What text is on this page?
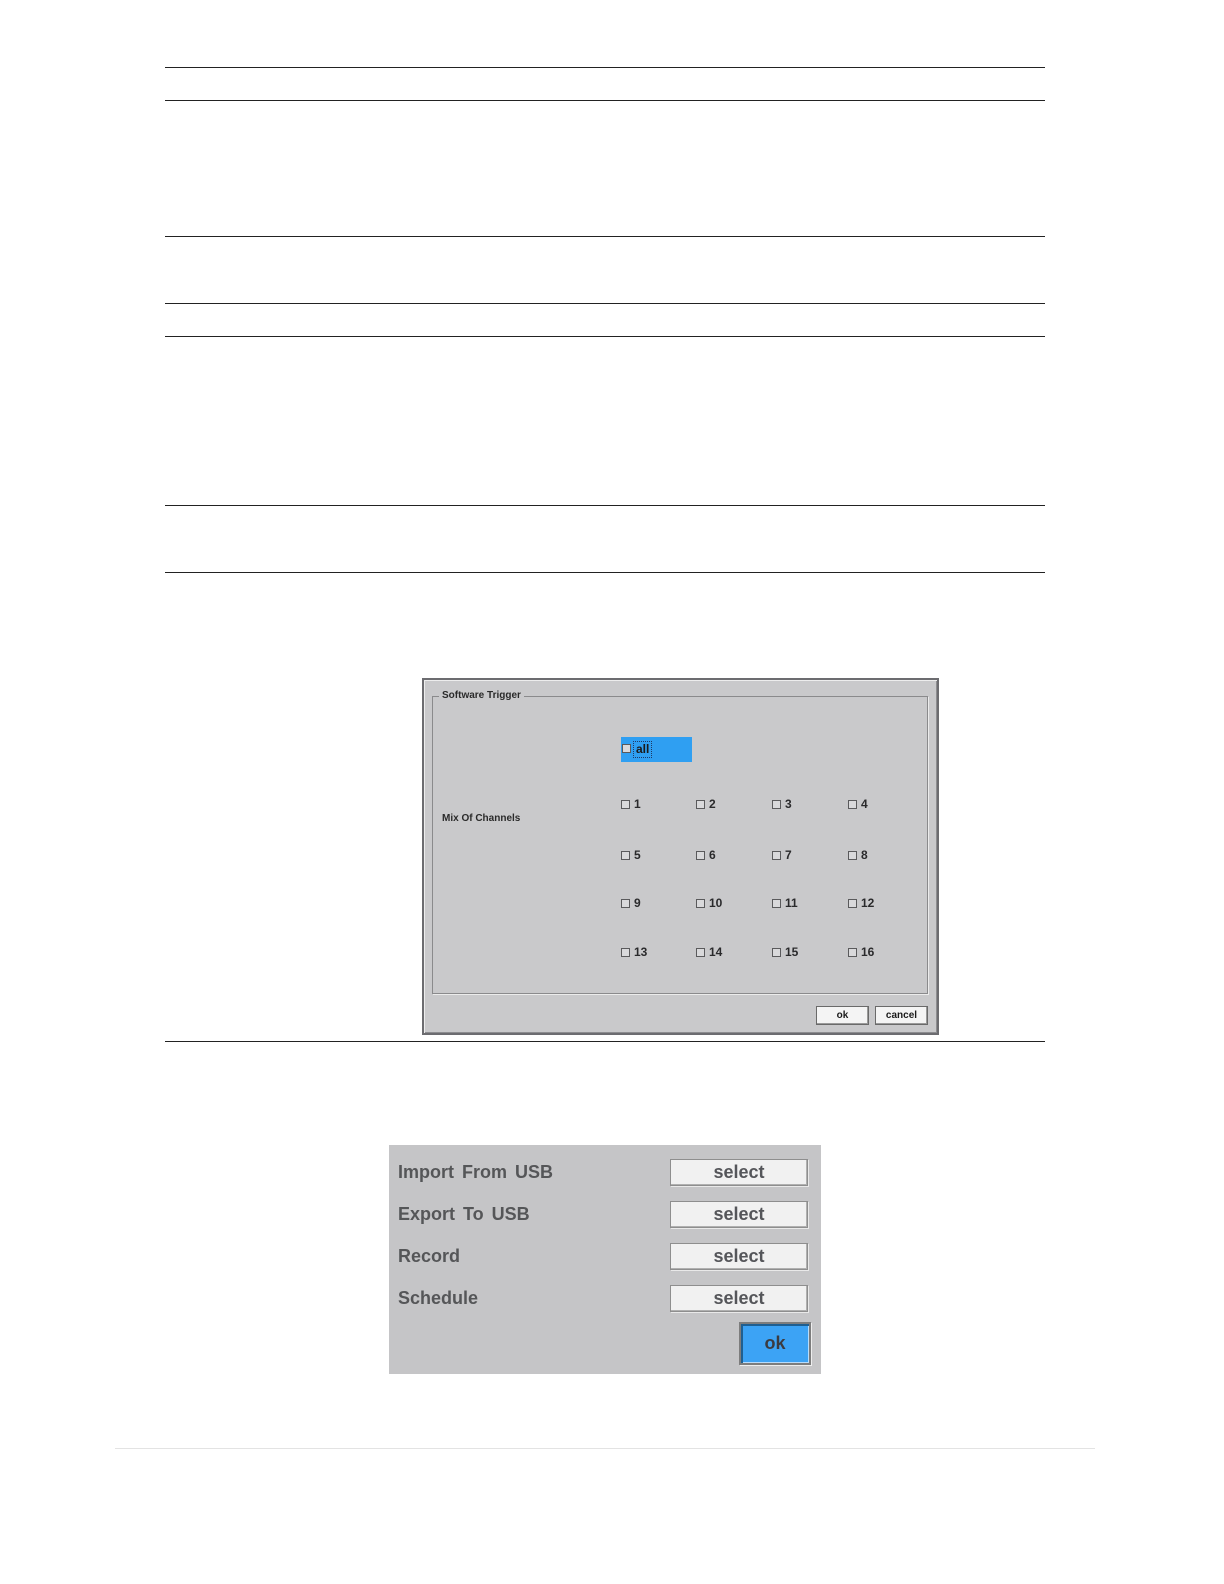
Software Trigger
Mix Of Channels
all
1	2	3	4
5	6	7	8
9	10	11	12
13	14	15	16
ok	cancel
Import From USB	select
Export To USB	select
Record	select
Schedule	select
ok
